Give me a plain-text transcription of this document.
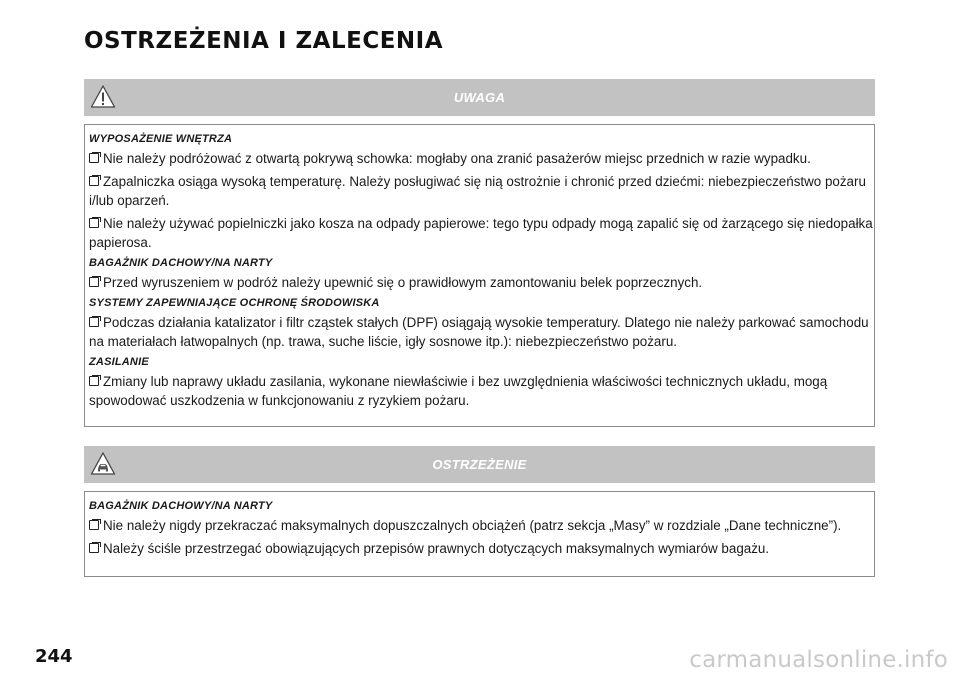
OSTRZEŻENIA I ZALECENIA
UWAGA
WYPOSAŻENIE WNĘTRZA
Nie należy podróżować z otwartą pokrywą schowka: mogłaby ona zranić pasażerów miejsc przednich w razie wypadku.
Zapalniczka osiąga wysoką temperaturę. Należy posługiwać się nią ostrożnie i chronić przed dziećmi: niebezpieczeństwo pożaru i/lub oparzeń.
Nie należy używać popielniczki jako kosza na odpady papierowe: tego typu odpady mogą zapalić się od żarzącego się niedopałka papierosa.
BAGAŻNIK DACHOWY/NA NARTY
Przed wyruszeniem w podróż należy upewnić się o prawidłowym zamontowaniu belek poprzecznych.
SYSTEMY ZAPEWNIAJĄCE OCHRONĘ ŚRODOWISKA
Podczas działania katalizator i filtr cząstek stałych (DPF) osiągają wysokie temperatury. Dlatego nie należy parkować samochodu na materiałach łatwopalnych (np. trawa, suche liście, igły sosnowe itp.): niebezpieczeństwo pożaru.
ZASILANIE
Zmiany lub naprawy układu zasilania, wykonane niewłaściwie i bez uwzględnienia właściwości technicznych układu, mogą spowodować uszkodzenia w funkcjonowaniu z ryzykiem pożaru.
OSTRZEŻENIE
BAGAŻNIK DACHOWY/NA NARTY
Nie należy nigdy przekraczać maksymalnych dopuszczalnych obciążeń (patrz sekcja „Masy” w rozdziale „Dane techniczne”).
Należy ściśle przestrzegać obowiązujących przepisów prawnych dotyczących maksymalnych wymiarów bagażu.
244	carmanualsonline.info
